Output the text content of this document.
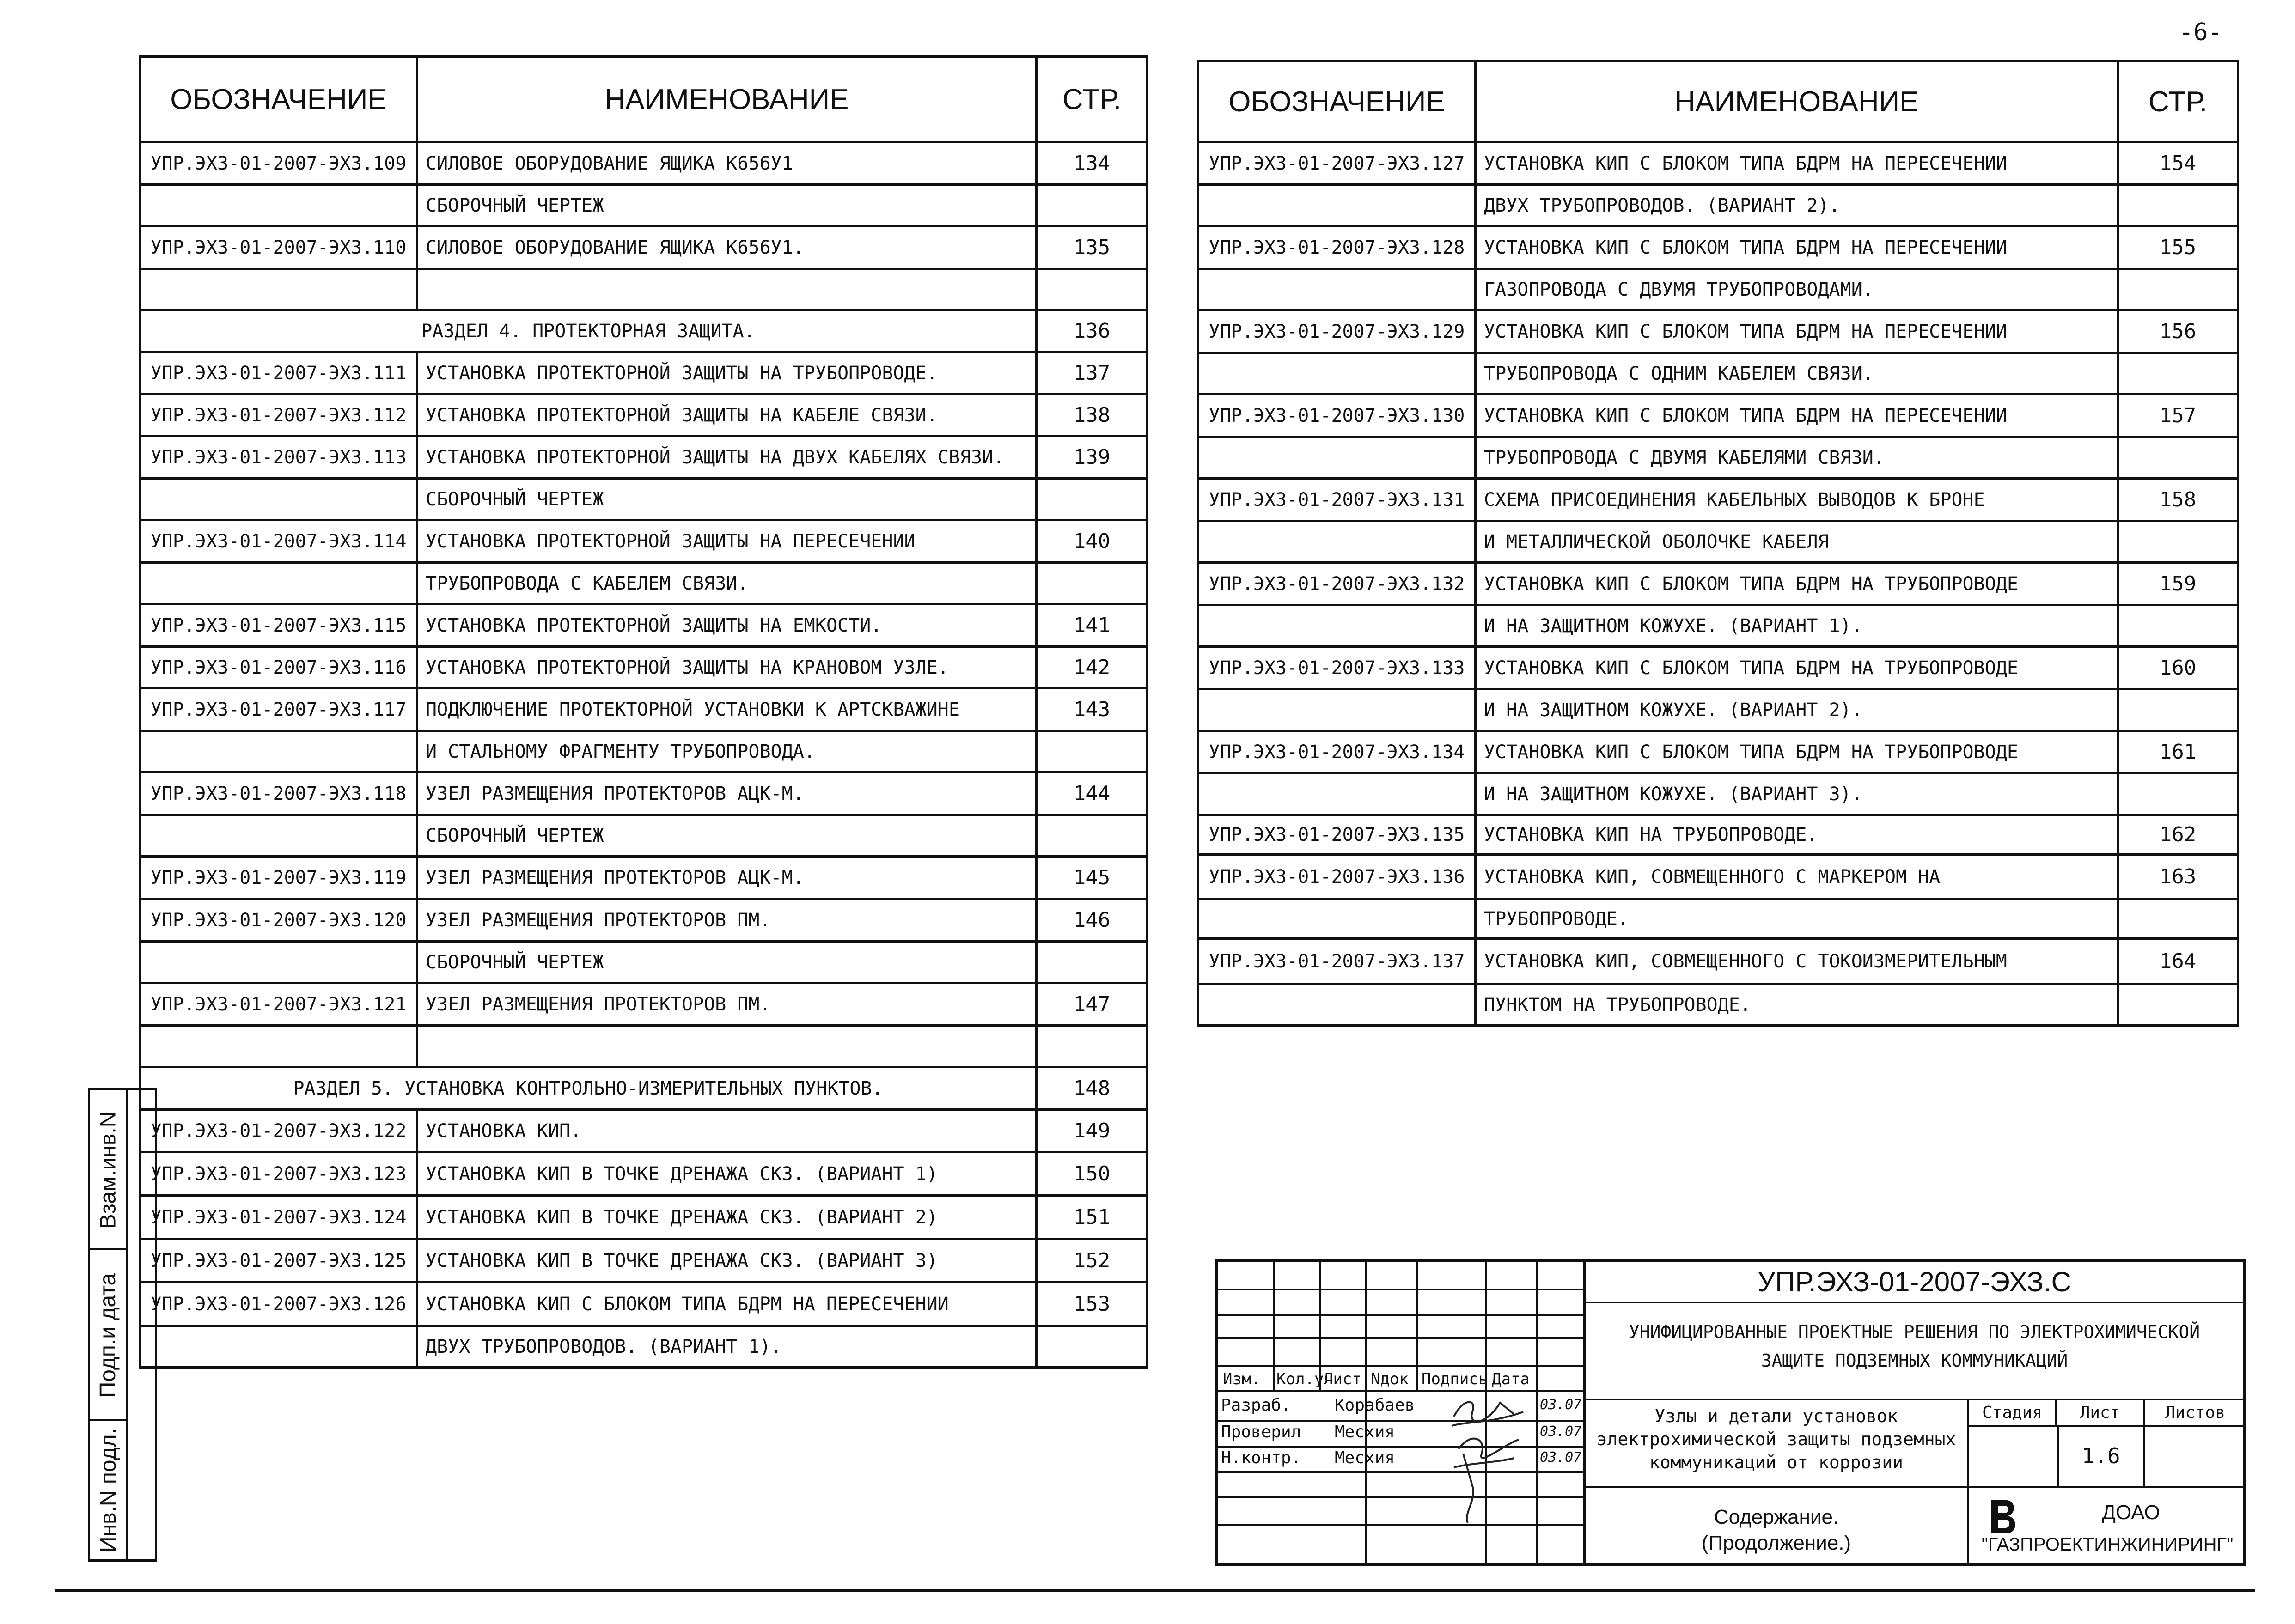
-6-
ОБОЗНАЧЕНИЕ	НАИМЕНОВАНИЕ	СТР.
УПР.ЭХЗ-01-2007-ЭХЗ.109	СИЛОВОЕ ОБОРУДОВАНИЕ ЯЩИКА К656У1	134
	СБОРОЧНЫЙ ЧЕРТЕЖ	
УПР.ЭХЗ-01-2007-ЭХЗ.110	СИЛОВОЕ ОБОРУДОВАНИЕ ЯЩИКА К656У1.	135

РАЗДЕЛ 4. ПРОТЕКТОРНАЯ ЗАЩИТА.		136
УПР.ЭХЗ-01-2007-ЭХЗ.111	УСТАНОВКА ПРОТЕКТОРНОЙ ЗАЩИТЫ НА ТРУБОПРОВОДЕ.	137
УПР.ЭХЗ-01-2007-ЭХЗ.112	УСТАНОВКА ПРОТЕКТОРНОЙ ЗАЩИТЫ НА КАБЕЛЕ СВЯЗИ.	138
УПР.ЭХЗ-01-2007-ЭХЗ.113	УСТАНОВКА ПРОТЕКТОРНОЙ ЗАЩИТЫ НА ДВУХ КАБЕЛЯХ СВЯЗИ.	139
	СБОРОЧНЫЙ ЧЕРТЕЖ	
УПР.ЭХЗ-01-2007-ЭХЗ.114	УСТАНОВКА ПРОТЕКТОРНОЙ ЗАЩИТЫ НА ПЕРЕСЕЧЕНИИ	140
	ТРУБОПРОВОДА С КАБЕЛЕМ СВЯЗИ.	
УПР.ЭХЗ-01-2007-ЭХЗ.115	УСТАНОВКА ПРОТЕКТОРНОЙ ЗАЩИТЫ НА ЕМКОСТИ.	141
УПР.ЭХЗ-01-2007-ЭХЗ.116	УСТАНОВКА ПРОТЕКТОРНОЙ ЗАЩИТЫ НА КРАНОВОМ УЗЛЕ.	142
УПР.ЭХЗ-01-2007-ЭХЗ.117	ПОДКЛЮЧЕНИЕ ПРОТЕКТОРНОЙ УСТАНОВКИ К АРТСКВАЖИНЕ	143
	И СТАЛЬНОМУ ФРАГМЕНТУ ТРУБОПРОВОДА.	
УПР.ЭХЗ-01-2007-ЭХЗ.118	УЗЕЛ РАЗМЕЩЕНИЯ ПРОТЕКТОРОВ АЦК-М.	144
	СБОРОЧНЫЙ ЧЕРТЕЖ	
УПР.ЭХЗ-01-2007-ЭХЗ.119	УЗЕЛ РАЗМЕЩЕНИЯ ПРОТЕКТОРОВ АЦК-М.	145
УПР.ЭХЗ-01-2007-ЭХЗ.120	УЗЕЛ РАЗМЕЩЕНИЯ ПРОТЕКТОРОВ ПМ.	146
	СБОРОЧНЫЙ ЧЕРТЕЖ	
УПР.ЭХЗ-01-2007-ЭХЗ.121	УЗЕЛ РАЗМЕЩЕНИЯ ПРОТЕКТОРОВ ПМ.	147

РАЗДЕЛ 5. УСТАНОВКА КОНТРОЛЬНО-ИЗМЕРИТЕЛЬНЫХ ПУНКТОВ.		148
УПР.ЭХЗ-01-2007-ЭХЗ.122	УСТАНОВКА КИП.	149
УПР.ЭХЗ-01-2007-ЭХЗ.123	УСТАНОВКА КИП В ТОЧКЕ ДРЕНАЖА СКЗ. (ВАРИАНТ 1)	150
УПР.ЭХЗ-01-2007-ЭХЗ.124	УСТАНОВКА КИП В ТОЧКЕ ДРЕНАЖА СКЗ. (ВАРИАНТ 2)	151
УПР.ЭХЗ-01-2007-ЭХЗ.125	УСТАНОВКА КИП В ТОЧКЕ ДРЕНАЖА СКЗ. (ВАРИАНТ 3)	152
УПР.ЭХЗ-01-2007-ЭХЗ.126	УСТАНОВКА КИП С БЛОКОМ ТИПА БДРМ НА ПЕРЕСЕЧЕНИИ	153
	ДВУХ ТРУБОПРОВОДОВ. (ВАРИАНТ 1).	
ОБОЗНАЧЕНИЕ	НАИМЕНОВАНИЕ	СТР.
УПР.ЭХЗ-01-2007-ЭХЗ.127	УСТАНОВКА КИП С БЛОКОМ ТИПА БДРМ НА ПЕРЕСЕЧЕНИИ	154
	ДВУХ ТРУБОПРОВОДОВ. (ВАРИАНТ 2).	
УПР.ЭХЗ-01-2007-ЭХЗ.128	УСТАНОВКА КИП С БЛОКОМ ТИПА БДРМ НА ПЕРЕСЕЧЕНИИ	155
	ГАЗОПРОВОДА С ДВУМЯ ТРУБОПРОВОДАМИ.	
УПР.ЭХЗ-01-2007-ЭХЗ.129	УСТАНОВКА КИП С БЛОКОМ ТИПА БДРМ НА ПЕРЕСЕЧЕНИИ	156
	ТРУБОПРОВОДА С ОДНИМ КАБЕЛЕМ СВЯЗИ.	
УПР.ЭХЗ-01-2007-ЭХЗ.130	УСТАНОВКА КИП С БЛОКОМ ТИПА БДРМ НА ПЕРЕСЕЧЕНИИ	157
	ТРУБОПРОВОДА С ДВУМЯ КАБЕЛЯМИ СВЯЗИ.	
УПР.ЭХЗ-01-2007-ЭХЗ.131	СХЕМА ПРИСОЕДИНЕНИЯ КАБЕЛЬНЫХ ВЫВОДОВ К БРОНЕ	158
	И МЕТАЛЛИЧЕСКОЙ ОБОЛОЧКЕ КАБЕЛЯ	
УПР.ЭХЗ-01-2007-ЭХЗ.132	УСТАНОВКА КИП С БЛОКОМ ТИПА БДРМ НА ТРУБОПРОВОДЕ	159
	И НА ЗАЩИТНОМ КОЖУХЕ. (ВАРИАНТ 1).	
УПР.ЭХЗ-01-2007-ЭХЗ.133	УСТАНОВКА КИП С БЛОКОМ ТИПА БДРМ НА ТРУБОПРОВОДЕ	160
	И НА ЗАЩИТНОМ КОЖУХЕ. (ВАРИАНТ 2).	
УПР.ЭХЗ-01-2007-ЭХЗ.134	УСТАНОВКА КИП С БЛОКОМ ТИПА БДРМ НА ТРУБОПРОВОДЕ	161
	И НА ЗАЩИТНОМ КОЖУХЕ. (ВАРИАНТ 3).	
УПР.ЭХЗ-01-2007-ЭХЗ.135	УСТАНОВКА КИП НА ТРУБОПРОВОДЕ.	162
УПР.ЭХЗ-01-2007-ЭХЗ.136	УСТАНОВКА КИП, СОВМЕЩЕННОГО С МАРКЕРОМ НА	163
	ТРУБОПРОВОДЕ.	
УПР.ЭХЗ-01-2007-ЭХЗ.137	УСТАНОВКА КИП, СОВМЕЩЕННОГО С ТОКОИЗМЕРИТЕЛЬНЫМ	164
	ПУНКТОМ НА ТРУБОПРОВОДЕ.	
Взам.инв.N
Подп.и дата
Инв.N подл.
Изм. Кол.уч
Лист Nдок Подпись Дата
Разраб.
Проверил
Н.контр.
Корабаев
Месхия
Месхия
03.07
03.07
03.07
УПР.ЭХЗ-01-2007-ЭХЗ.С
УНИФИЦИРОВАННЫЕ ПРОЕКТНЫЕ РЕШЕНИЯ ПО ЭЛЕКТРОХИМИЧЕСКОЙ
ЗАЩИТЕ ПОДЗЕМНЫХ КОММУНИКАЦИЙ
Узлы и детали установок
электрохимической защиты подземных
коммуникаций от коррозии
Стадия	Лист	Листов
1.6
Содержание.
(Продолжение.)
ДОАО
"ГАЗПРОЕКТИНЖИНИРИНГ"
